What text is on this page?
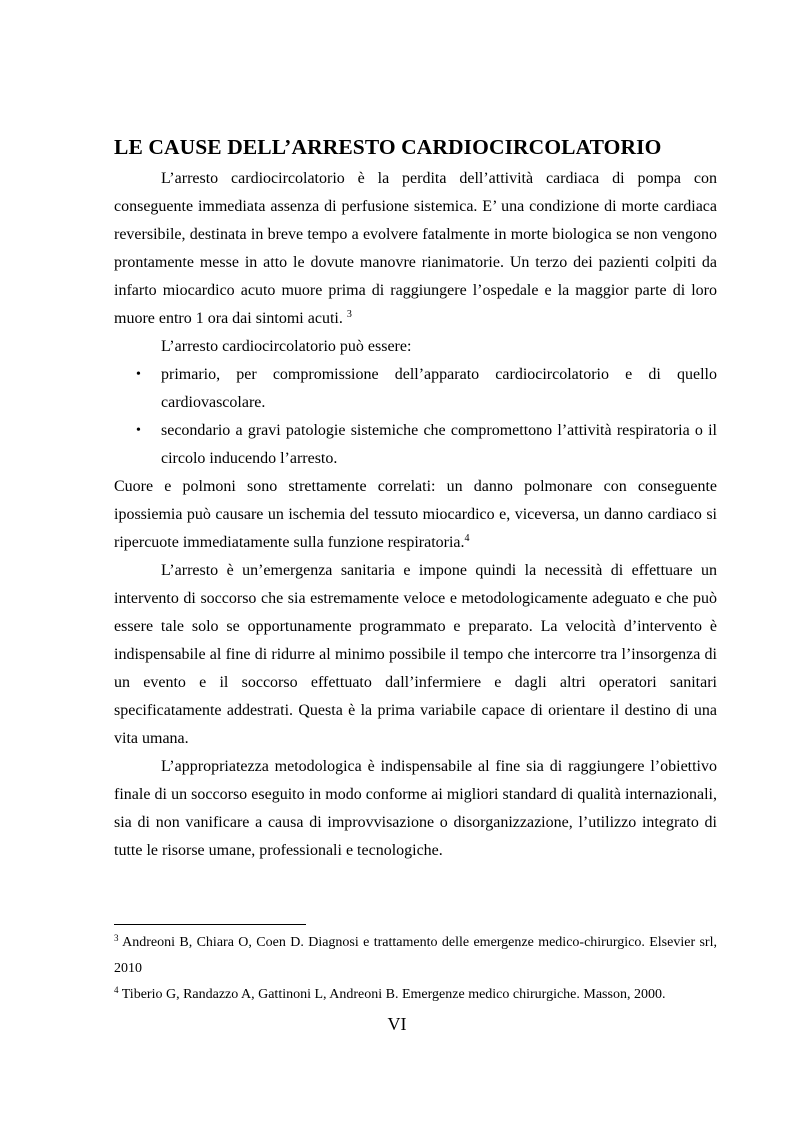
LE CAUSE DELL’ARRESTO CARDIOCIRCOLATORIO

L’arresto cardiocircolatorio è la perdita dell’attività cardiaca di pompa con conseguente immediata assenza di perfusione sistemica. E’ una condizione di morte cardiaca reversibile, destinata in breve tempo a evolvere fatalmente in morte biologica se non vengono prontamente messe in atto le dovute manovre rianimatorie. Un terzo dei pazienti colpiti da infarto miocardico acuto muore prima di raggiungere l’ospedale e la maggior parte di loro muore entro 1 ora dai sintomi acuti. $^3$

L’arresto cardiocircolatorio può essere:

• primario, per compromissione dell’apparato cardiocircolatorio e di quello cardiovascolare.
• secondario a gravi patologie sistemiche che compromettono l’attività respiratoria o il circolo inducendo l’arresto.

Cuore e polmoni sono strettamente correlati: un danno polmonare con conseguente ipossiemia può causare un ischemia del tessuto miocardico e, viceversa, un danno cardiaco si ripercuote immediatamente sulla funzione respiratoria.$^4$

L’arresto è un’emergenza sanitaria e impone quindi la necessità di effettuare un intervento di soccorso che sia estremamente veloce e metodologicamente adeguato e che può essere tale solo se opportunamente programmato e preparato. La velocità d’intervento è indispensabile al fine di ridurre al minimo possibile il tempo che intercorre tra l’insorgenza di un evento e il soccorso effettuato dall’infermiere e dagli altri operatori sanitari specificatamente addestrati. Questa è la prima variabile capace di orientare il destino di una vita umana.

L’appropriatezza metodologica è indispensabile al fine sia di raggiungere l’obiettivo finale di un soccorso eseguito in modo conforme ai migliori standard di qualità internazionali, sia di non vanificare a causa di improvvisazione o disorganizzazione, l’utilizzo integrato di tutte le risorse umane, professionali e tecnologiche.

$^3$ Andreoni B, Chiara O, Coen D. Diagnosi e trattamento delle emergenze medico-chirurgico. Elsevier srl, 2010

$^4$ Tiberio G, Randazzo A, Gattinoni L, Andreoni B. Emergenze medico chirurgiche. Masson, 2000.

VI
